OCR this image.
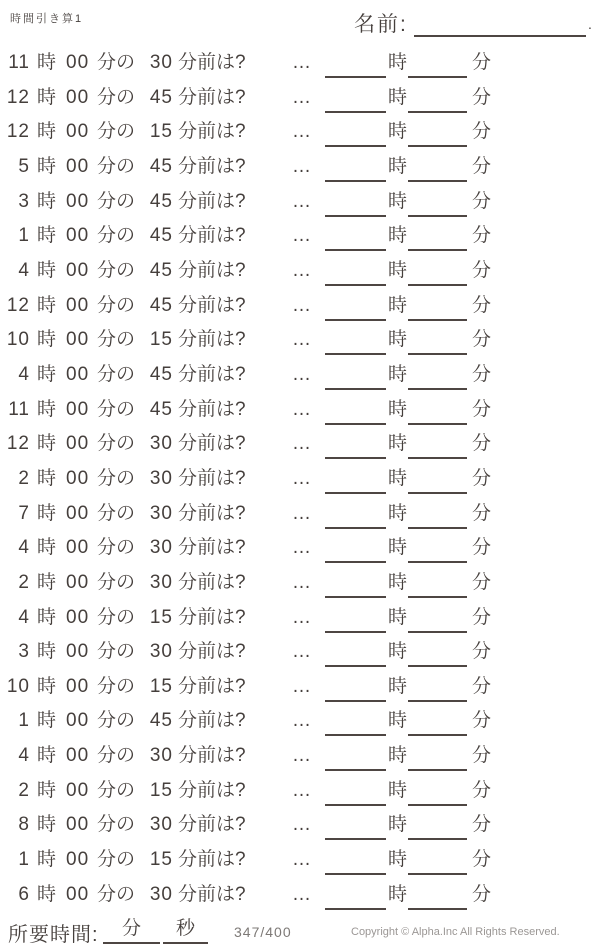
時間引き算1	名前:	.
11 時 00 分の 30 分前は? …	時	分
12 時 00 分の 45 分前は? …	時	分
12 時 00 分の 15 分前は? …	時	分
5 時 00 分の 45 分前は? …	時	分
3 時 00 分の 45 分前は? …	時	分
1 時 00 分の 45 分前は? …	時	分
4 時 00 分の 45 分前は? …	時	分
12 時 00 分の 45 分前は? …	時	分
10 時 00 分の 15 分前は? …	時	分
4 時 00 分の 45 分前は? …	時	分
11 時 00 分の 45 分前は? …	時	分
12 時 00 分の 30 分前は? …	時	分
2 時 00 分の 30 分前は? …	時	分
7 時 00 分の 30 分前は? …	時	分
4 時 00 分の 30 分前は? …	時	分
2 時 00 分の 30 分前は? …	時	分
4 時 00 分の 15 分前は? …	時	分
3 時 00 分の 30 分前は? …	時	分
10 時 00 分の 15 分前は? …	時	分
1 時 00 分の 45 分前は? …	時	分
4 時 00 分の 30 分前は? …	時	分
2 時 00 分の 15 分前は? …	時	分
8 時 00 分の 30 分前は? …	時	分
1 時 00 分の 15 分前は? …	時	分
6 時 00 分の 30 分前は? …	時	分
所要時間:	分	秒	347/400	Copyright © Alpha.Inc All Rights Reserved.
